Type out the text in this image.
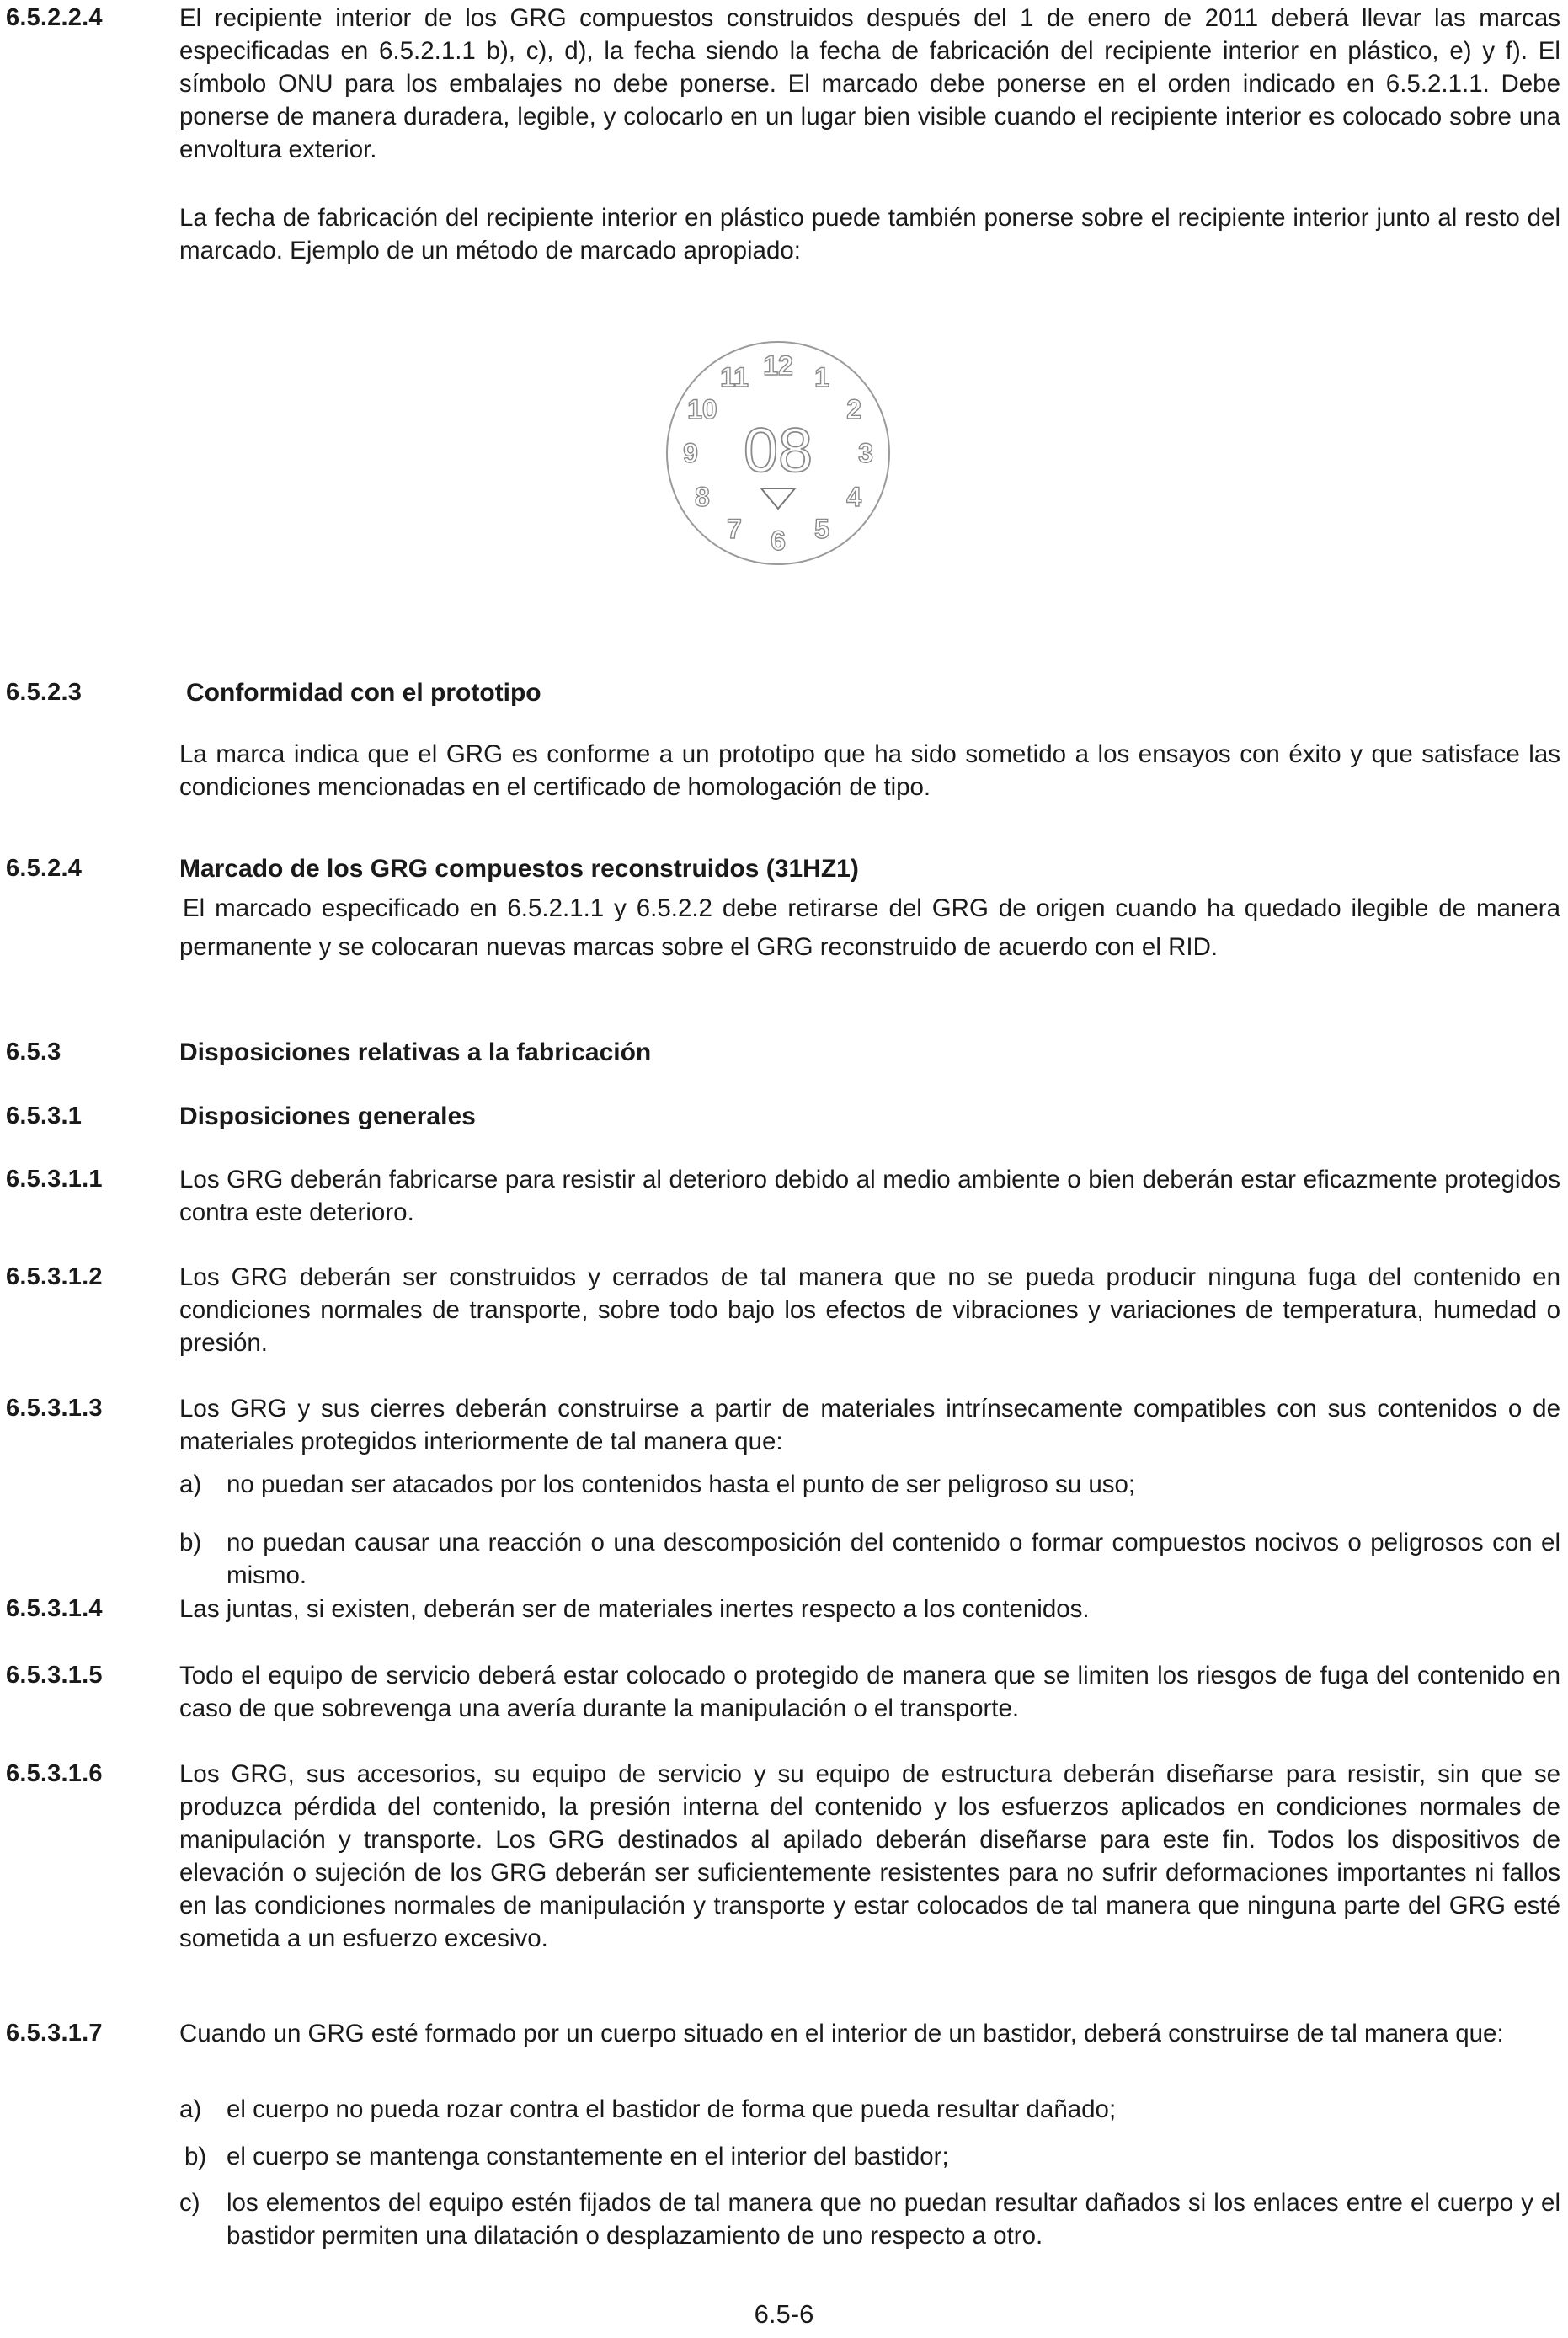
6.5.2.2.4	El recipiente interior de los GRG compuestos construidos después del 1 de enero de 2011 deberá llevar las marcas especificadas en 6.5.2.1.1 b), c), d), la fecha siendo la fecha de fabricación del recipiente interior en plástico, e) y f). El símbolo ONU para los embalajes no debe ponerse. El marcado debe ponerse en el orden indicado en 6.5.2.1.1. Debe ponerse de manera duradera, legible, y colocarlo en un lugar bien visible cuando el recipiente interior es colocado sobre una envoltura exterior.
La fecha de fabricación del recipiente interior en plástico puede también ponerse sobre el recipiente interior junto al resto del marcado. Ejemplo de un método de marcado apropiado:
12 1
2
3
4
5
6
7
8
9
10
11
08
6.5.2.3	Conformidad con el prototipo
La marca indica que el GRG es conforme a un prototipo que ha sido sometido a los ensayos con éxito y que satisface las condiciones mencionadas en el certificado de homologación de tipo.
6.5.2.4	Marcado de los GRG compuestos reconstruidos (31HZ1)
El marcado especificado en 6.5.2.1.1 y 6.5.2.2 debe retirarse del GRG de origen cuando ha quedado ilegible de manera permanente y se colocaran nuevas marcas sobre el GRG reconstruido de acuerdo con el RID.
6.5.3	Disposiciones relativas a la fabricación
6.5.3.1	Disposiciones generales
6.5.3.1.1	Los GRG deberán fabricarse para resistir al deterioro debido al medio ambiente o bien deberán estar eficazmente protegidos contra este deterioro.
6.5.3.1.2	Los GRG deberán ser construidos y cerrados de tal manera que no se pueda producir ninguna fuga del contenido en condiciones normales de transporte, sobre todo bajo los efectos de vibraciones y variaciones de temperatura, humedad o presión.
6.5.3.1.3	Los GRG y sus cierres deberán construirse a partir de materiales intrínsecamente compatibles con sus contenidos o de materiales protegidos interiormente de tal manera que:
a) no puedan ser atacados por los contenidos hasta el punto de ser peligroso su uso;
b) no puedan causar una reacción o una descomposición del contenido o formar compuestos nocivos o peligrosos con el mismo.
6.5.3.1.4	Las juntas, si existen, deberán ser de materiales inertes respecto a los contenidos.
6.5.3.1.5	Todo el equipo de servicio deberá estar colocado o protegido de manera que se limiten los riesgos de fuga del contenido en caso de que sobrevenga una avería durante la manipulación o el transporte.
6.5.3.1.6	Los GRG, sus accesorios, su equipo de servicio y su equipo de estructura deberán diseñarse para resistir, sin que se produzca pérdida del contenido, la presión interna del contenido y los esfuerzos aplicados en condiciones normales de manipulación y transporte. Los GRG destinados al apilado deberán diseñarse para este fin. Todos los dispositivos de elevación o sujeción de los GRG deberán ser suficientemente resistentes para no sufrir deformaciones importantes ni fallos en las condiciones normales de manipulación y transporte y estar colocados de tal manera que ninguna parte del GRG esté sometida a un esfuerzo excesivo.
6.5.3.1.7	Cuando un GRG esté formado por un cuerpo situado en el interior de un bastidor, deberá construirse de tal manera que:
a) el cuerpo no pueda rozar contra el bastidor de forma que pueda resultar dañado;
b) el cuerpo se mantenga constantemente en el interior del bastidor;
c) los elementos del equipo estén fijados de tal manera que no puedan resultar dañados si los enlaces entre el cuerpo y el bastidor permiten una dilatación o desplazamiento de uno respecto a otro.
6.5-6
